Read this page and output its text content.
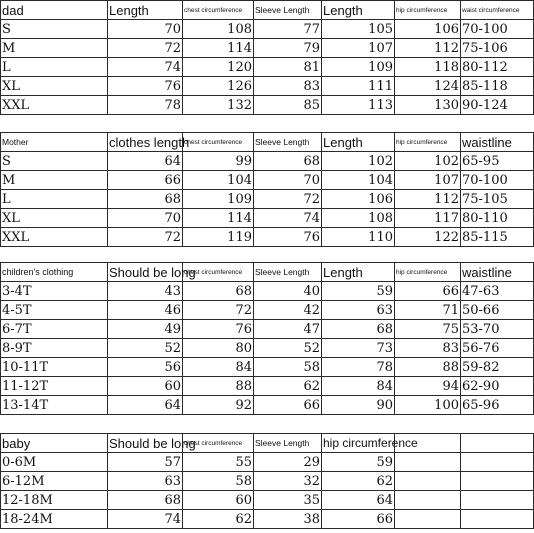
dad	Length	chest circumference	Sleeve Length	Length	hip circumference	waist circumference
S	70	108	77	105	106	70-100
M	72	114	79	107	112	75-106
L	74	120	81	109	118	80-112
XL	76	126	83	111	124	85-118
XXL	78	132	85	113	130	90-124
Mother	clothes length	chest circumference	Sleeve Length	Length	hip circumference	waistline
S	64	99	68	102	102	65-95
M	66	104	70	104	107	70-100
L	68	109	72	106	112	75-105
XL	70	114	74	108	117	80-110
XXL	72	119	76	110	122	85-115
children's clothing	Should be long	chest circumference	Sleeve Length	Length	hip circumference	waistline
3-4T	43	68	40	59	66	47-63
4-5T	46	72	42	63	71	50-66
6-7T	49	76	47	68	75	53-70
8-9T	52	80	52	73	83	56-76
10-11T	56	84	58	78	88	59-82
11-12T	60	88	62	84	94	62-90
13-14T	64	92	66	90	100	65-96
baby	Should be long	chest circumference	Sleeve Length	hip circumference		
0-6M	57	55	29	59		
6-12M	63	58	32	62		
12-18M	68	60	35	64		
18-24M	74	62	38	66		
